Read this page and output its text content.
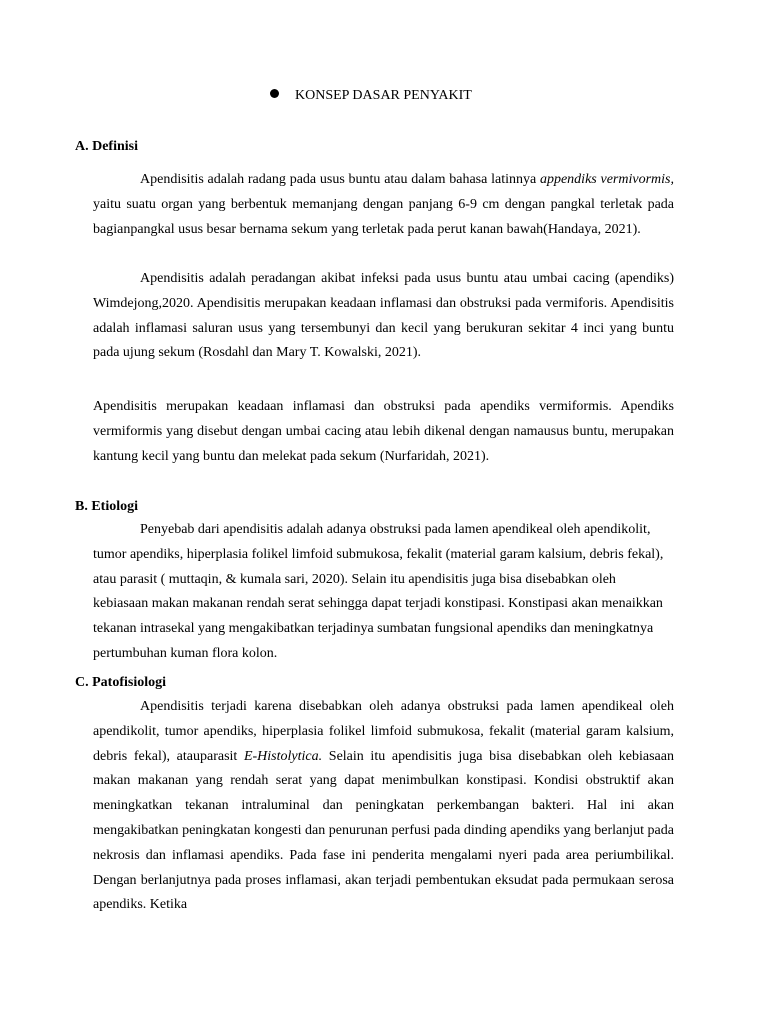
KONSEP DASAR PENYAKIT
A. Definisi

Apendisitis adalah radang pada usus buntu atau dalam bahasa latinnya appendiks vermivormis, yaitu suatu organ yang berbentuk memanjang dengan panjang 6-9 cm dengan pangkal terletak pada bagianpangkal usus besar bernama sekum yang terletak pada perut kanan bawah(Handaya, 2021).

Apendisitis adalah peradangan akibat infeksi pada usus buntu atau umbai cacing (apendiks) Wimdejong,2020. Apendisitis merupakan keadaan inflamasi dan obstruksi pada vermiforis. Apendisitis adalah inflamasi saluran usus yang tersembunyi dan kecil yang berukuran sekitar 4 inci yang buntu pada ujung sekum (Rosdahl dan Mary T. Kowalski, 2021).

Apendisitis merupakan keadaan inflamasi dan obstruksi pada apendiks vermiformis. Apendiks vermiformis yang disebut dengan umbai cacing atau lebih dikenal dengan namausus buntu, merupakan kantung kecil yang buntu dan melekat pada sekum (Nurfaridah, 2021).

B. Etiologi

Penyebab dari apendisitis adalah adanya obstruksi pada lamen apendikeal oleh apendikolit, tumor apendiks, hiperplasia folikel limfoid submukosa, fekalit (material garam kalsium, debris fekal), atau parasit ( muttaqin, & kumala sari, 2020). Selain itu apendisitis juga bisa disebabkan oleh kebiasaan makan makanan rendah serat sehingga dapat terjadi konstipasi. Konstipasi akan menaikkan tekanan intrasekal yang mengakibatkan terjadinya sumbatan fungsional apendiks dan meningkatnya pertumbuhan kuman flora kolon.

C. Patofisiologi

Apendisitis terjadi karena disebabkan oleh adanya obstruksi pada lamen apendikeal oleh apendikolit, tumor apendiks, hiperplasia folikel limfoid submukosa, fekalit (material garam kalsium, debris fekal), atauparasit E-Histolytica. Selain itu apendisitis juga bisa disebabkan oleh kebiasaan makan makanan yang rendah serat yang dapat menimbulkan konstipasi. Kondisi obstruktif akan meningkatkan tekanan intraluminal dan peningkatan perkembangan bakteri. Hal ini akan mengakibatkan peningkatan kongesti dan penurunan perfusi pada dinding apendiks yang berlanjut pada nekrosis dan inflamasi apendiks. Pada fase ini penderita mengalami nyeri pada area periumbilikal. Dengan berlanjutnya pada proses inflamasi, akan terjadi pembentukan eksudat pada permukaan serosa apendiks. Ketika
